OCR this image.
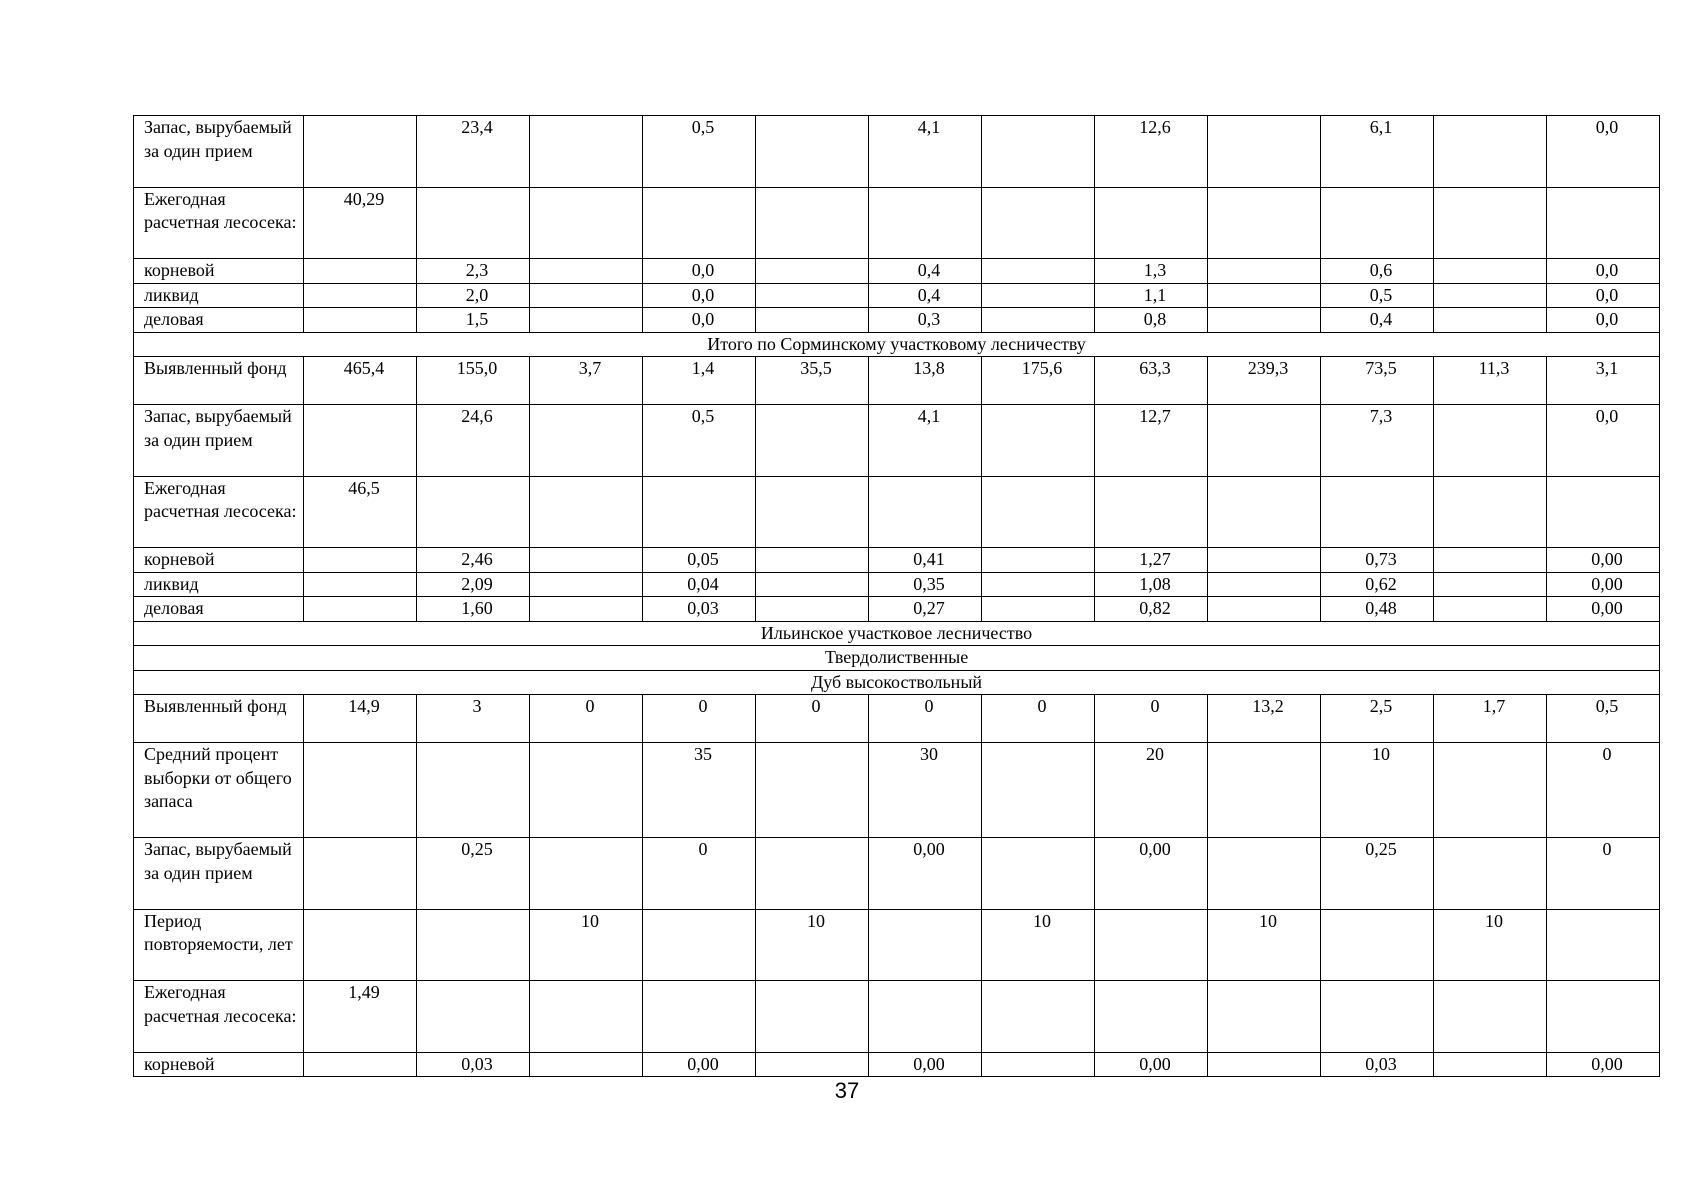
Запас, вырубаемый за один прием		23,4		0,5		4,1		12,6		6,1		0,0
Ежегодная расчетная лесосека:	40,29											
корневой		2,3		0,0		0,4		1,3		0,6		0,0
ликвид		2,0		0,0		0,4		1,1		0,5		0,0
деловая		1,5		0,0		0,3		0,8		0,4		0,0
Итого по Сорминскому участковому лесничеству												
Выявленный фонд	465,4	155,0	3,7	1,4	35,5	13,8	175,6	63,3	239,3	73,5	11,3	3,1
Запас, вырубаемый за один прием		24,6		0,5		4,1		12,7		7,3		0,0
Ежегодная расчетная лесосека:	46,5											
корневой		2,46		0,05		0,41		1,27		0,73		0,00
ликвид		2,09		0,04		0,35		1,08		0,62		0,00
деловая		1,60		0,03		0,27		0,82		0,48		0,00
Ильинское участковое лесничество												
Твердолиственные												
Дуб высокоствольный												
Выявленный фонд	14,9	3	0	0	0	0	0	0	13,2	2,5	1,7	0,5
Средний процент выборки от общего запаса				35		30		20		10		0
Запас, вырубаемый за один прием		0,25		0		0,00		0,00		0,25		0
Период повторяемости, лет			10		10		10		10		10	
Ежегодная расчетная лесосека:	1,49											
корневой		0,03		0,00		0,00		0,00		0,03		0,00
37
